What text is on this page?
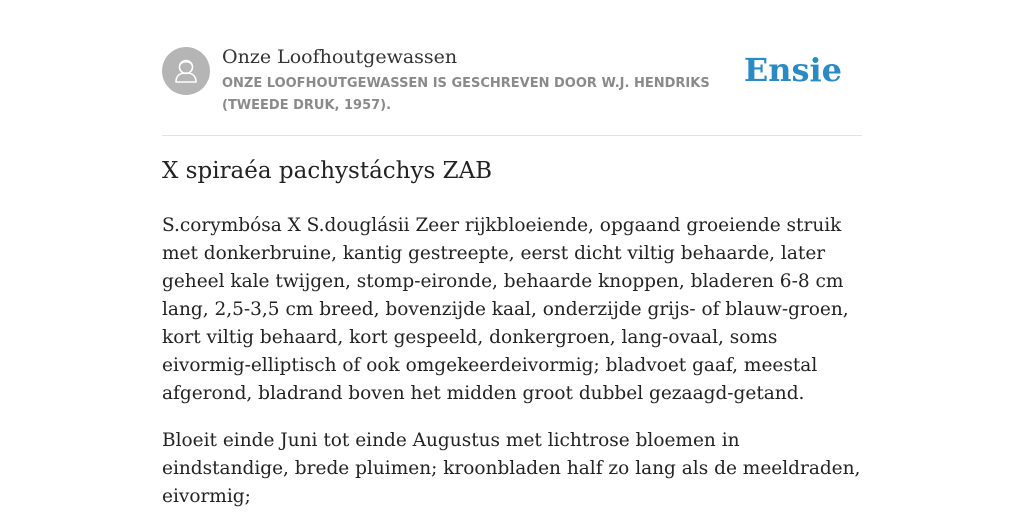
Onze Loofhoutgewassen
ONZE LOOFHOUTGEWASSEN IS GESCHREVEN DOOR W.J. HENDRIKS (TWEEDE DRUK, 1957).
Ensie
X spiraéa pachystáchys ZAB

S.corymbósa X S.douglásii Zeer rijkbloeiende, opgaand groeiende struik met donkerbruine, kantig gestreepte, eerst dicht viltig behaarde, later geheel kale twijgen, stomp-eironde, behaarde knoppen, bladeren 6-8 cm lang, 2,5-3,5 cm breed, bovenzijde kaal, onderzijde grijs- of blauw-groen, kort viltig behaard, kort gespeeld, donkergroen, lang-ovaal, soms eivormig-elliptisch of ook omgekeerdeivormig; bladvoet gaaf, meestal afgerond, bladrand boven het midden groot dubbel gezaagd-getand.

Bloeit einde Juni tot einde Augustus met lichtrose bloemen in eindstandige, brede pluimen; kroonbladen half zo lang als de meeldraden, eivormig;
